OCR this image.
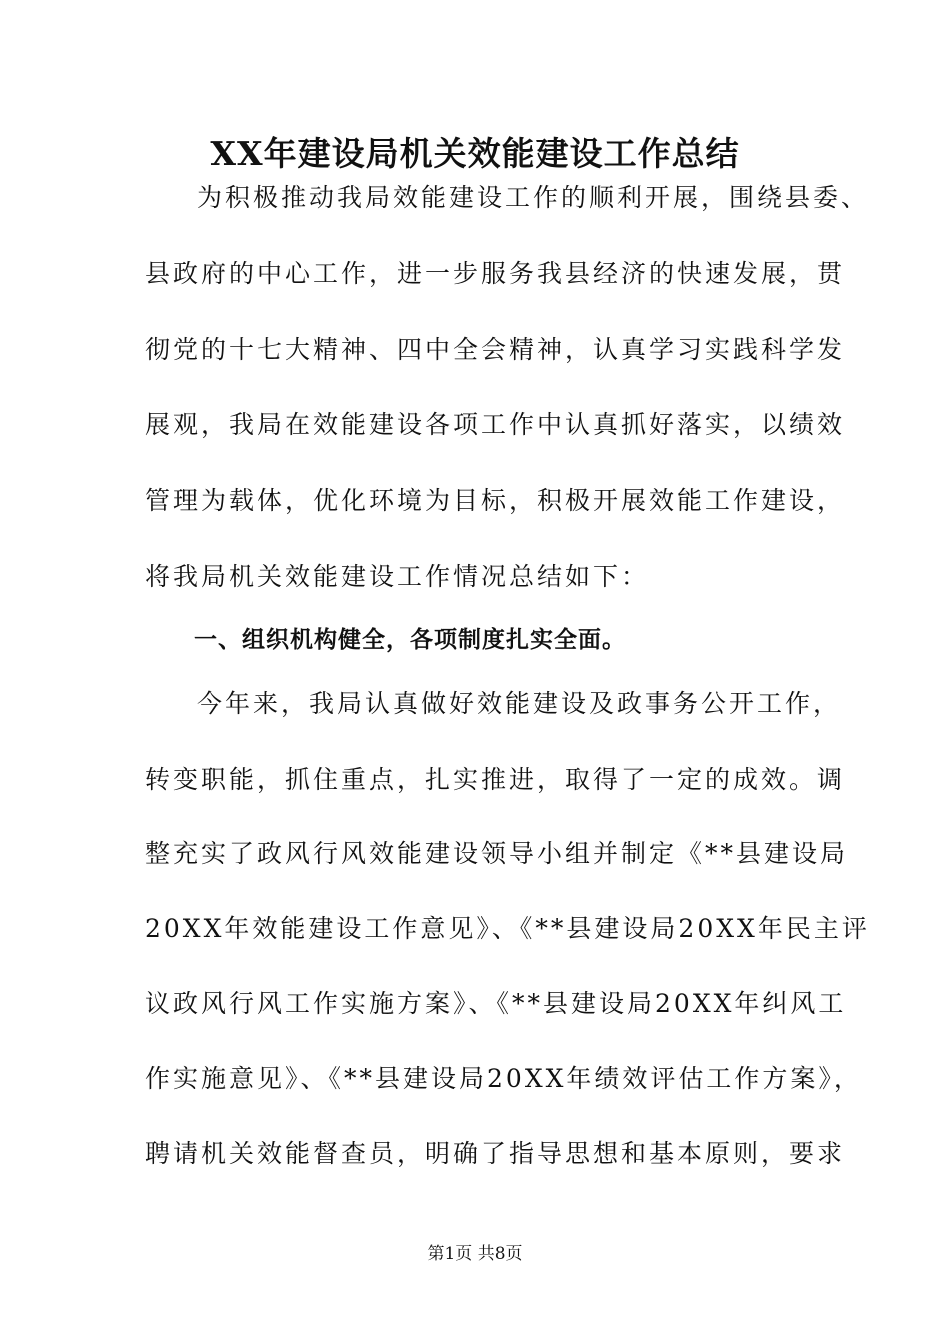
XX年建设局机关效能建设工作总结

为积极推动我局效能建设工作的顺利开展，围绕县委、

县政府的中心工作，进一步服务我县经济的快速发展，贯

彻党的十七大精神、四中全会精神，认真学习实践科学发

展观，我局在效能建设各项工作中认真抓好落实，以绩效

管理为载体，优化环境为目标，积极开展效能工作建设，

将我局机关效能建设工作情况总结如下：

一、组织机构健全，各项制度扎实全面。

今年来，我局认真做好效能建设及政事务公开工作，

转变职能，抓住重点，扎实推进，取得了一定的成效。调

整充实了政风行风效能建设领导小组并制定《**县建设局

20XX年效能建设工作意见》、《**县建设局20XX年民主评

议政风行风工作实施方案》、《**县建设局20XX年纠风工

作实施意见》、《**县建设局20XX年绩效评估工作方案》，

聘请机关效能督查员，明确了指导思想和基本原则，要求

第1页 共8页
